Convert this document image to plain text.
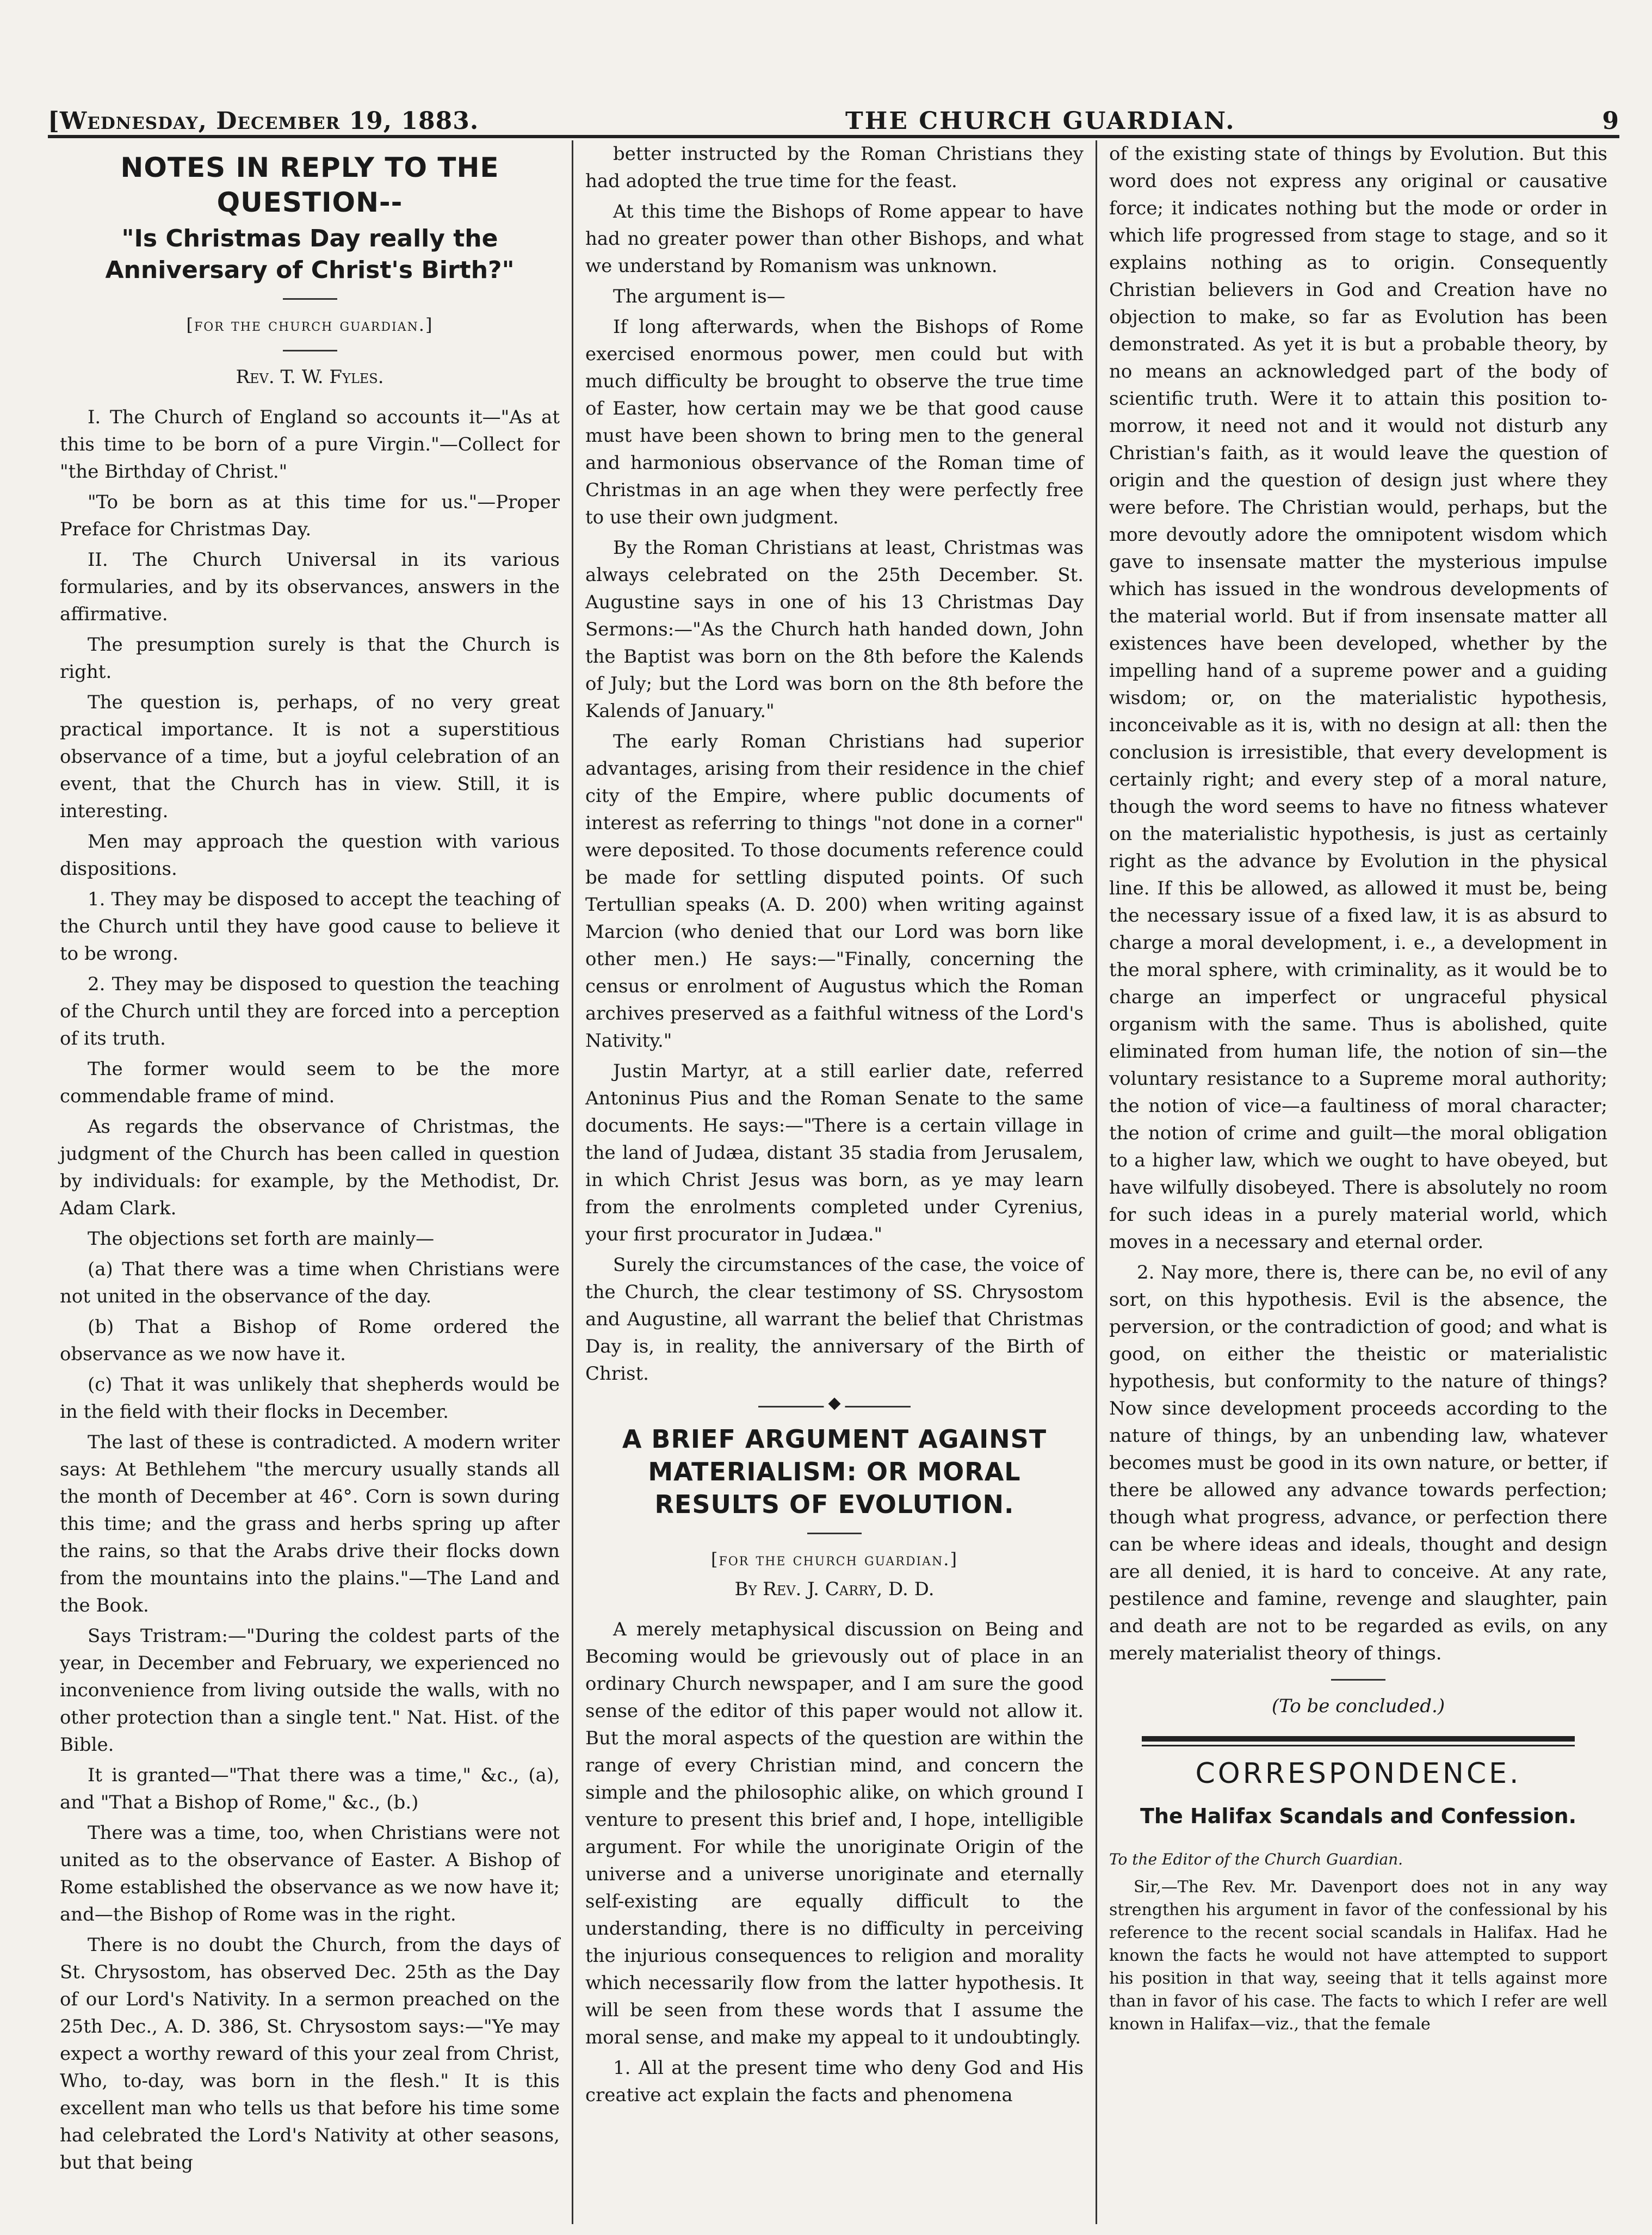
[Wednesday, December 19, 1883.	THE CHURCH GUARDIAN.	9
NOTES IN REPLY TO THE QUESTION--
"Is Christmas Day really the Anniversary of Christ's Birth?"
[for the church guardian.]
Rev. T. W. Fyles.

I. The Church of England so accounts it—"As at this time to be born of a pure Virgin."—Collect for "the Birthday of Christ."

"To be born as at this time for us."—Proper Preface for Christmas Day.

II. The Church Universal in its various formularies, and by its observances, answers in the affirmative.

The presumption surely is that the Church is right.

The question is, perhaps, of no very great practical importance. It is not a superstitious observance of a time, but a joyful celebration of an event, that the Church has in view. Still, it is interesting.

Men may approach the question with various dispositions.

1. They may be disposed to accept the teaching of the Church until they have good cause to believe it to be wrong.

2. They may be disposed to question the teaching of the Church until they are forced into a perception of its truth.

The former would seem to be the more commendable frame of mind.

As regards the observance of Christmas, the judgment of the Church has been called in question by individuals: for example, by the Methodist, Dr. Adam Clark.

The objections set forth are mainly—

(a) That there was a time when Christians were not united in the observance of the day.

(b) That a Bishop of Rome ordered the observance as we now have it.

(c) That it was unlikely that shepherds would be in the field with their flocks in December.

The last of these is contradicted. A modern writer says: At Bethlehem "the mercury usually stands all the month of December at 46°. Corn is sown during this time; and the grass and herbs spring up after the rains, so that the Arabs drive their flocks down from the mountains into the plains."—The Land and the Book.

Says Tristram:—"During the coldest parts of the year, in December and February, we experienced no inconvenience from living outside the walls, with no other protection than a single tent." Nat. Hist. of the Bible.

It is granted—"That there was a time," &c., (a), and "That a Bishop of Rome," &c., (b.)

There was a time, too, when Christians were not united as to the observance of Easter. A Bishop of Rome established the observance as we now have it; and—the Bishop of Rome was in the right.

There is no doubt the Church, from the days of St. Chrysostom, has observed Dec. 25th as the Day of our Lord's Nativity. In a sermon preached on the 25th Dec., A. D. 386, St. Chrysostom says:—"Ye may expect a worthy reward of this your zeal from Christ, Who, to-day, was born in the flesh." It is this excellent man who tells us that before his time some had celebrated the Lord's Nativity at other seasons, but that being

better instructed by the Roman Christians they had adopted the true time for the feast.

At this time the Bishops of Rome appear to have had no greater power than other Bishops, and what we understand by Romanism was unknown.

The argument is—

If long afterwards, when the Bishops of Rome exercised enormous power, men could but with much difficulty be brought to observe the true time of Easter, how certain may we be that good cause must have been shown to bring men to the general and harmonious observance of the Roman time of Christmas in an age when they were perfectly free to use their own judgment.

By the Roman Christians at least, Christmas was always celebrated on the 25th December. St. Augustine says in one of his 13 Christmas Day Sermons:—"As the Church hath handed down, John the Baptist was born on the 8th before the Kalends of July; but the Lord was born on the 8th before the Kalends of January."

The early Roman Christians had superior advantages, arising from their residence in the chief city of the Empire, where public documents of interest as referring to things "not done in a corner" were deposited. To those documents reference could be made for settling disputed points. Of such Tertullian speaks (A. D. 200) when writing against Marcion (who denied that our Lord was born like other men.) He says:—"Finally, concerning the census or enrolment of Augustus which the Roman archives preserved as a faithful witness of the Lord's Nativity."

Justin Martyr, at a still earlier date, referred Antoninus Pius and the Roman Senate to the same documents. He says:—"There is a certain village in the land of Judæa, distant 35 stadia from Jerusalem, in which Christ Jesus was born, as ye may learn from the enrolments completed under Cyrenius, your first procurator in Judæa."

Surely the circumstances of the case, the voice of the Church, the clear testimony of SS. Chrysostom and Augustine, all warrant the belief that Christmas Day is, in reality, the anniversary of the Birth of Christ.

◆
A BRIEF ARGUMENT AGAINST MATERIALISM: OR MORAL RESULTS OF EVOLUTION.
[for the church guardian.]
By Rev. J. Carry, D. D.

A merely metaphysical discussion on Being and Becoming would be grievously out of place in an ordinary Church newspaper, and I am sure the good sense of the editor of this paper would not allow it. But the moral aspects of the question are within the range of every Christian mind, and concern the simple and the philosophic alike, on which ground I venture to present this brief and, I hope, intelligible argument. For while the unoriginate Origin of the universe and a universe unoriginate and eternally self-existing are equally difficult to the understanding, there is no difficulty in perceiving the injurious consequences to religion and morality which necessarily flow from the latter hypothesis. It will be seen from these words that I assume the moral sense, and make my appeal to it undoubtingly.

1. All at the present time who deny God and His creative act explain the facts and phenomena

of the existing state of things by Evolution. But this word does not express any original or causative force; it indicates nothing but the mode or order in which life progressed from stage to stage, and so it explains nothing as to origin. Consequently Christian believers in God and Creation have no objection to make, so far as Evolution has been demonstrated. As yet it is but a probable theory, by no means an acknowledged part of the body of scientific truth. Were it to attain this position to-morrow, it need not and it would not disturb any Christian's faith, as it would leave the question of origin and the question of design just where they were before. The Christian would, perhaps, but the more devoutly adore the omnipotent wisdom which gave to insensate matter the mysterious impulse which has issued in the wondrous developments of the material world. But if from insensate matter all existences have been developed, whether by the impelling hand of a supreme power and a guiding wisdom; or, on the materialistic hypothesis, inconceivable as it is, with no design at all: then the conclusion is irresistible, that every development is certainly right; and every step of a moral nature, though the word seems to have no fitness whatever on the materialistic hypothesis, is just as certainly right as the advance by Evolution in the physical line. If this be allowed, as allowed it must be, being the necessary issue of a fixed law, it is as absurd to charge a moral development, i. e., a development in the moral sphere, with criminality, as it would be to charge an imperfect or ungraceful physical organism with the same. Thus is abolished, quite eliminated from human life, the notion of sin—the voluntary resistance to a Supreme moral authority; the notion of vice—a faultiness of moral character; the notion of crime and guilt—the moral obligation to a higher law, which we ought to have obeyed, but have wilfully disobeyed. There is absolutely no room for such ideas in a purely material world, which moves in a necessary and eternal order.

2. Nay more, there is, there can be, no evil of any sort, on this hypothesis. Evil is the absence, the perversion, or the contradiction of good; and what is good, on either the theistic or materialistic hypothesis, but conformity to the nature of things? Now since development proceeds according to the nature of things, by an unbending law, whatever becomes must be good in its own nature, or better, if there be allowed any advance towards perfection; though what progress, advance, or perfection there can be where ideas and ideals, thought and design are all denied, it is hard to conceive. At any rate, pestilence and famine, revenge and slaughter, pain and death are not to be regarded as evils, on any merely materialist theory of things.

(To be concluded.)
CORRESPONDENCE.
The Halifax Scandals and Confession.
To the Editor of the Church Guardian.

Sir,—The Rev. Mr. Davenport does not in any way strengthen his argument in favor of the confessional by his reference to the recent social scandals in Halifax. Had he known the facts he would not have attempted to support his position in that way, seeing that it tells against more than in favor of his case. The facts to which I refer are well known in Halifax—viz., that the female
